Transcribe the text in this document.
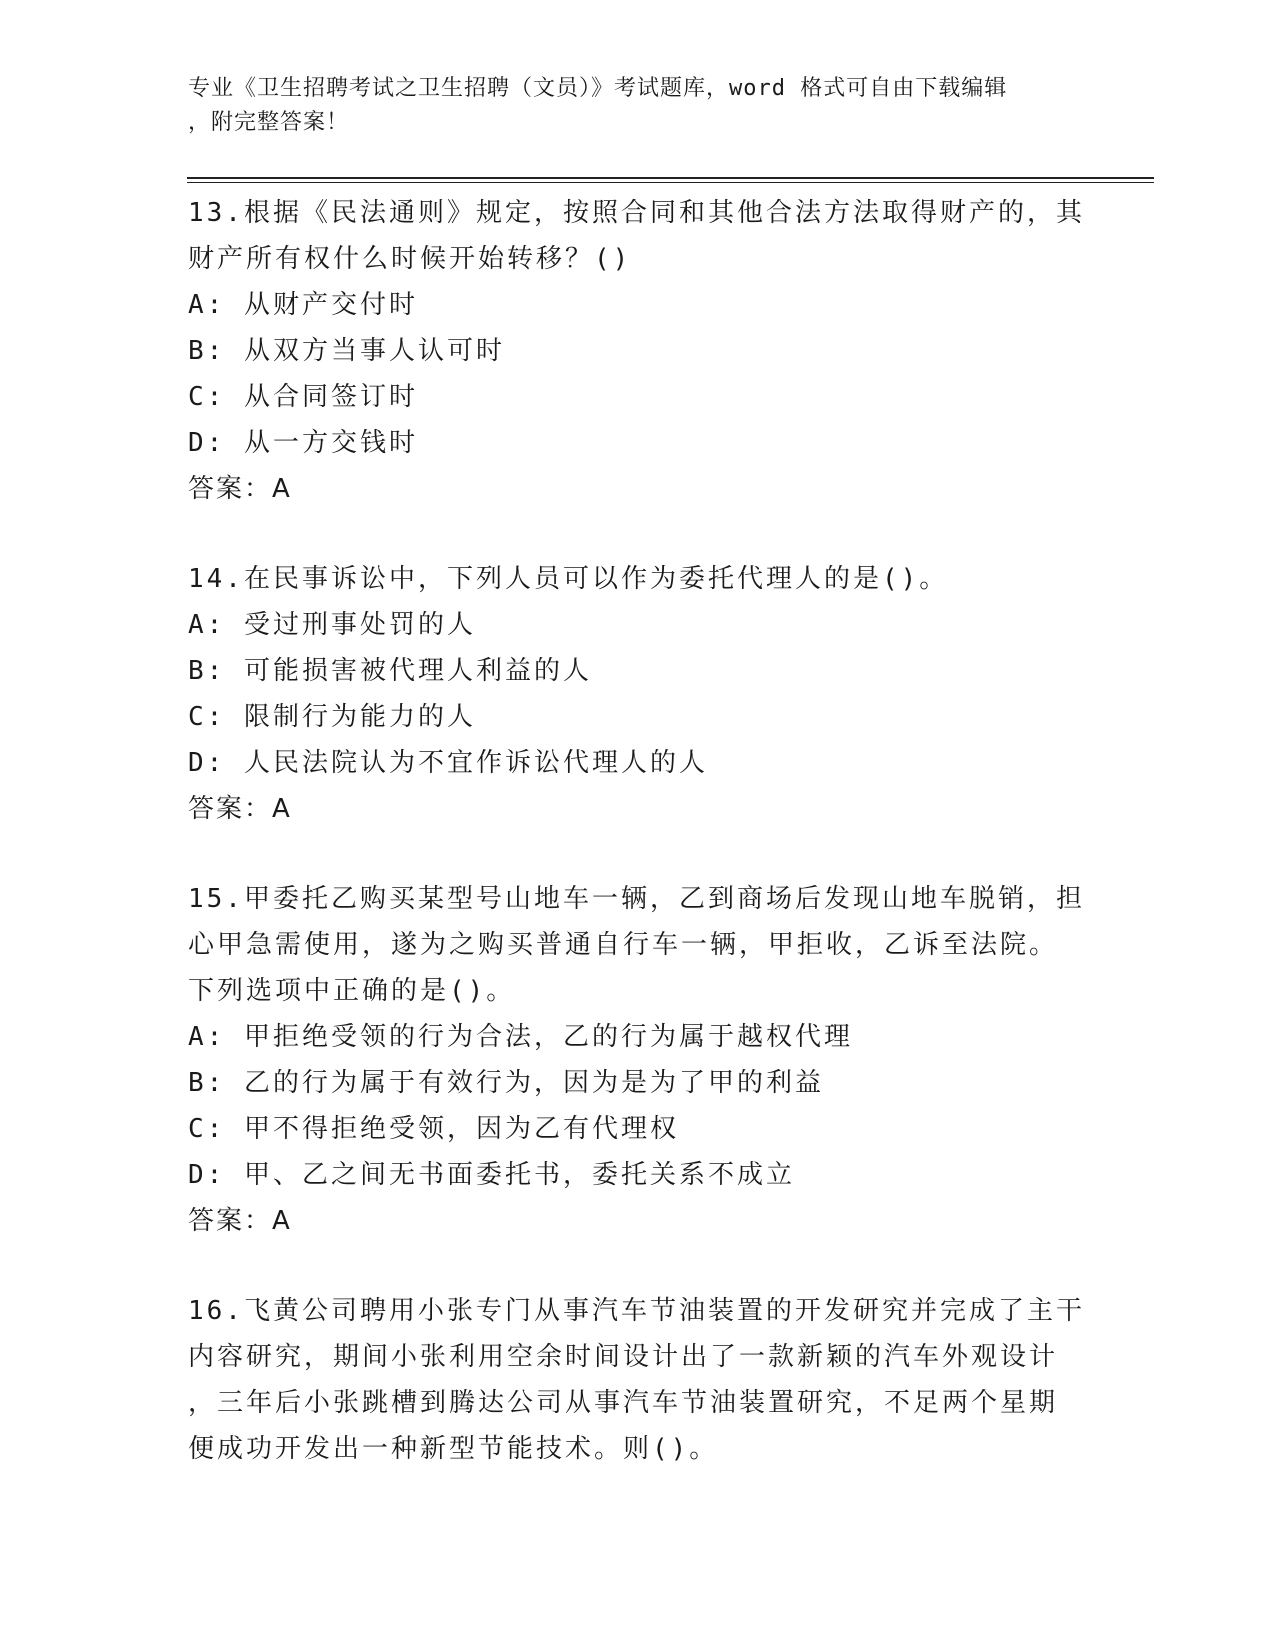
专业《卫生招聘考试之卫生招聘（文员）》考试题库，word 格式可自由下载编辑
，附完整答案！

13.根据《民法通则》规定，按照合同和其他合法方法取得财产的，其

财产所有权什么时候开始转移？()

A: 从财产交付时

B: 从双方当事人认可时

C: 从合同签订时

D: 从一方交钱时

答案：A

14.在民事诉讼中，下列人员可以作为委托代理人的是()。

A: 受过刑事处罚的人

B: 可能损害被代理人利益的人

C: 限制行为能力的人

D: 人民法院认为不宜作诉讼代理人的人

答案：A

15.甲委托乙购买某型号山地车一辆，乙到商场后发现山地车脱销，担

心甲急需使用，遂为之购买普通自行车一辆，甲拒收，乙诉至法院。

下列选项中正确的是()。

A: 甲拒绝受领的行为合法，乙的行为属于越权代理

B: 乙的行为属于有效行为，因为是为了甲的利益

C: 甲不得拒绝受领，因为乙有代理权

D: 甲、乙之间无书面委托书，委托关系不成立

答案：A

16.飞黄公司聘用小张专门从事汽车节油装置的开发研究并完成了主干

内容研究，期间小张利用空余时间设计出了一款新颖的汽车外观设计

，三年后小张跳槽到腾达公司从事汽车节油装置研究，不足两个星期

便成功开发出一种新型节能技术。则()。
